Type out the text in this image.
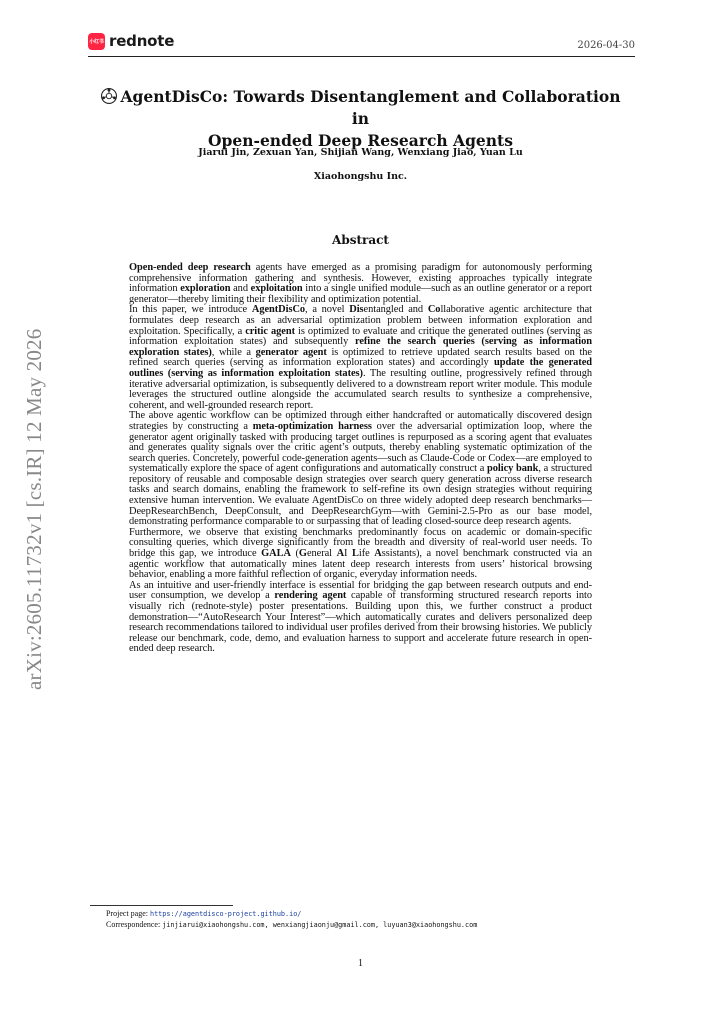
小红书 rednote	2026-04-30
arXiv:2605.11732v1 [cs.IR] 12 May 2026
AgentDisCo: Towards Disentanglement and Collaboration in
Open-ended Deep Research Agents
Jiarui Jin, Zexuan Yan, Shijian Wang, Wenxiang Jiao, Yuan Lu
Xiaohongshu Inc.
Abstract

Open-ended deep research agents have emerged as a promising paradigm for autonomously performing comprehensive information gathering and synthesis. However, existing approaches typically integrate information exploration and exploitation into a single unified module—such as an outline generator or a report generator—thereby limiting their flexibility and optimization potential.

In this paper, we introduce AgentDisCo, a novel Disentangled and Collaborative agentic architecture that formulates deep research as an adversarial optimization problem between information exploration and exploitation. Specifically, a critic agent is optimized to evaluate and critique the generated outlines (serving as information exploitation states) and subsequently refine the search queries (serving as information exploration states), while a generator agent is optimized to retrieve updated search results based on the refined search queries (serving as information exploration states) and accordingly update the generated outlines (serving as information exploitation states). The resulting outline, progressively refined through iterative adversarial optimization, is subsequently delivered to a downstream report writer module. This module leverages the structured outline alongside the accumulated search results to synthesize a comprehensive, coherent, and well-grounded research report.

The above agentic workflow can be optimized through either handcrafted or automatically discovered design strategies by constructing a meta-optimization harness over the adversarial optimization loop, where the generator agent originally tasked with producing target outlines is repurposed as a scoring agent that evaluates and generates quality signals over the critic agent’s outputs, thereby enabling systematic optimization of the search queries. Concretely, powerful code-generation agents—such as Claude-Code or Codex—are employed to systematically explore the space of agent configurations and automatically construct a policy bank, a structured repository of reusable and composable design strategies over search query generation across diverse research tasks and search domains, enabling the framework to self-refine its own design strategies without requiring extensive human intervention. We evaluate AgentDisCo on three widely adopted deep research benchmarks—DeepResearchBench, DeepConsult, and DeepResearchGym—with Gemini-2.5-Pro as our base model, demonstrating performance comparable to or surpassing that of leading closed-source deep research agents.

Furthermore, we observe that existing benchmarks predominantly focus on academic or domain-specific consulting queries, which diverge significantly from the breadth and diversity of real-world user needs. To bridge this gap, we introduce GALA (General AI Life Assistants), a novel benchmark constructed via an agentic workflow that automatically mines latent deep research interests from users’ historical browsing behavior, enabling a more faithful reflection of organic, everyday information needs.

As an intuitive and user-friendly interface is essential for bridging the gap between research outputs and end-user consumption, we develop a rendering agent capable of transforming structured research reports into visually rich (rednote-style) poster presentations. Building upon this, we further construct a product demonstration—“AutoResearch Your Interest”—which automatically curates and delivers personalized deep research recommendations tailored to individual user profiles derived from their browsing histories. We publicly release our benchmark, code, demo, and evaluation harness to support and accelerate future research in open-ended deep research.

Project page: https://agentdisco-project.github.io/
Correspondence: jinjiarui@xiaohongshu.com, wenxiangjiaonju@gmail.com, luyuan3@xiaohongshu.com
1
